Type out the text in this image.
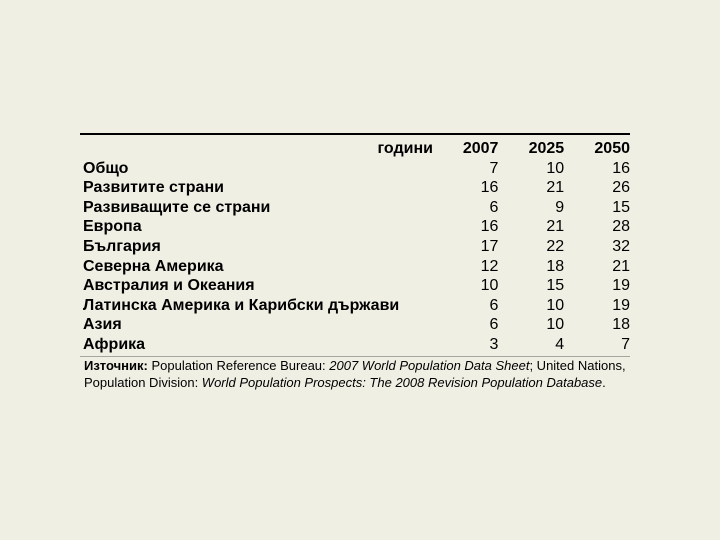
години	2007	2025	2050
Общо	7	10	16
Развитите страни	16	21	26
Развиващите се страни	6	9	15
Европа	16	21	28
България	17	22	32
Северна Америка	12	18	21
Австралия и Океания	10	15	19
Латинска Америка и Карибски държави	6	10	19
Азия	6	10	18
Африка	3	4	7
Източник: Population Reference Bureau: 2007 World Population Data Sheet; United Nations, Population Division: World Population Prospects: The 2008 Revision Population Database.
